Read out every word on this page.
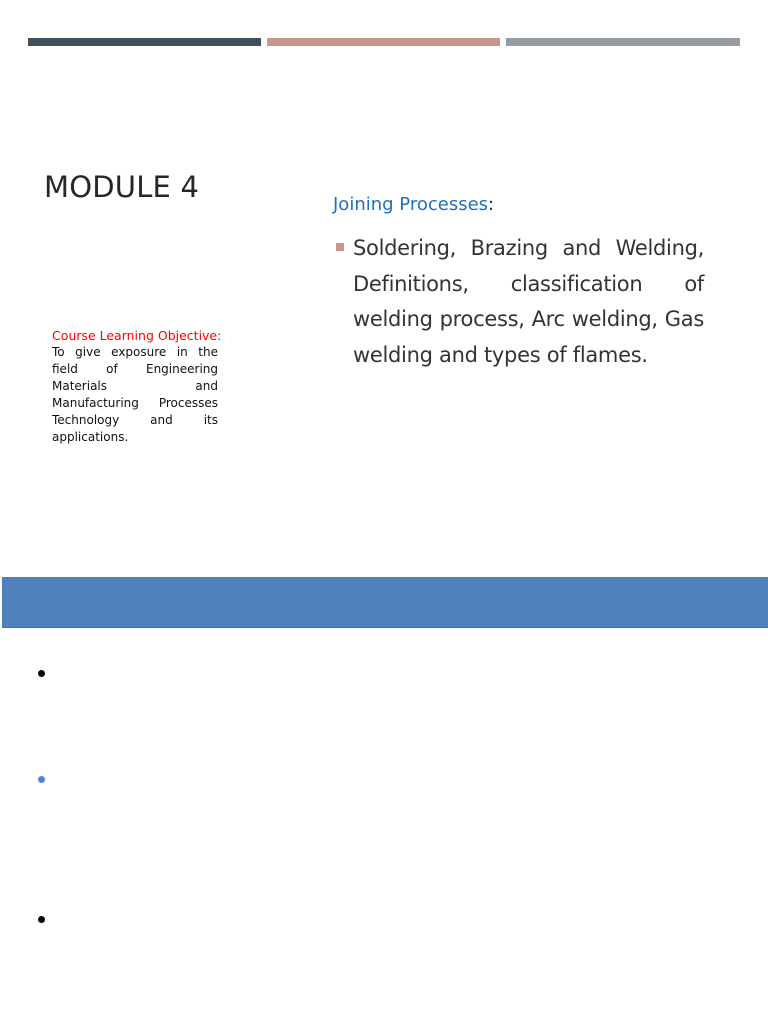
MODULE 4
Course Learning Objective:
To give exposure in the field of Engineering Materials and Manufacturing Processes Technology and its applications.
Joining Processes:
Soldering, Brazing and Welding, Definitions, classification of welding process, Arc welding, Gas welding and types of flames.
